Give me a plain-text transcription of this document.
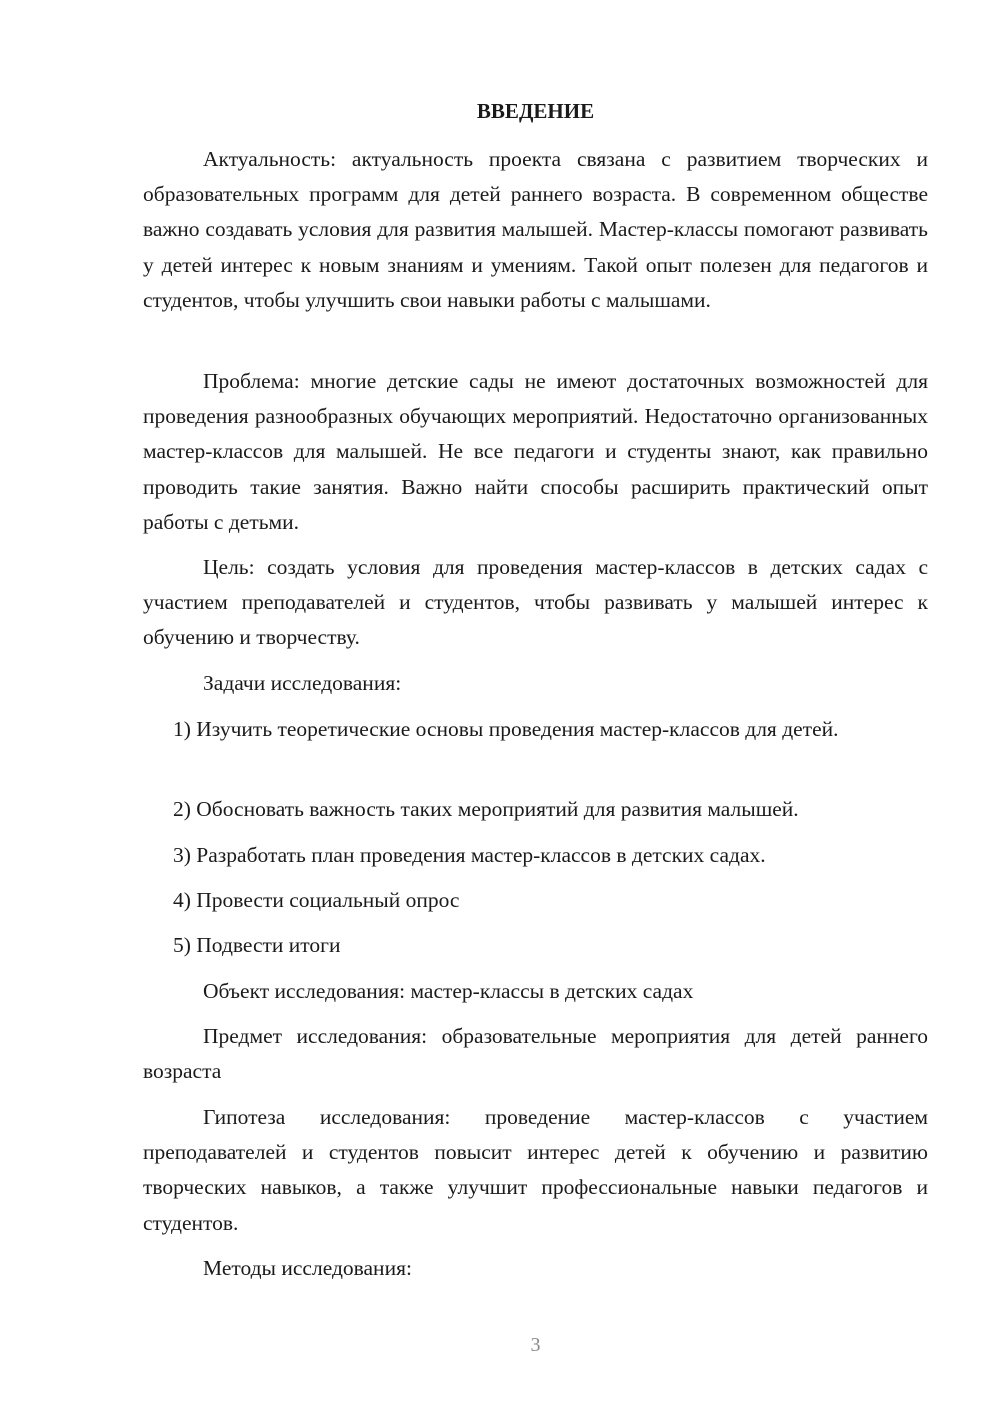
ВВЕДЕНИЕ

Актуальность: актуальность проекта связана с развитием творческих и образовательных программ для детей раннего возраста. В современном обществе важно создавать условия для развития малышей. Мастер-классы помогают развивать у детей интерес к новым знаниям и умениям. Такой опыт полезен для педагогов и студентов, чтобы улучшить свои навыки работы с малышами.

Проблема: многие детские сады не имеют достаточных возможностей для проведения разнообразных обучающих мероприятий. Недостаточно организованных мастер-классов для малышей. Не все педагоги и студенты знают, как правильно проводить такие занятия. Важно найти способы расширить практический опыт работы с детьми.

Цель: создать условия для проведения мастер-классов в детских садах с участием преподавателей и студентов, чтобы развивать у малышей интерес к обучению и творчеству.

Задачи исследования:

1) Изучить теоретические основы проведения мастер-классов для детей.

2) Обосновать важность таких мероприятий для развития малышей.

3) Разработать план проведения мастер-классов в детских садах.

4) Провести социальный опрос

5) Подвести итоги

Объект исследования: мастер-классы в детских садах

Предмет исследования: образовательные мероприятия для детей раннего возраста

Гипотеза исследования: проведение мастер-классов с участием преподавателей и студентов повысит интерес детей к обучению и развитию творческих навыков, а также улучшит профессиональные навыки педагогов и студентов.

Методы исследования:

3
